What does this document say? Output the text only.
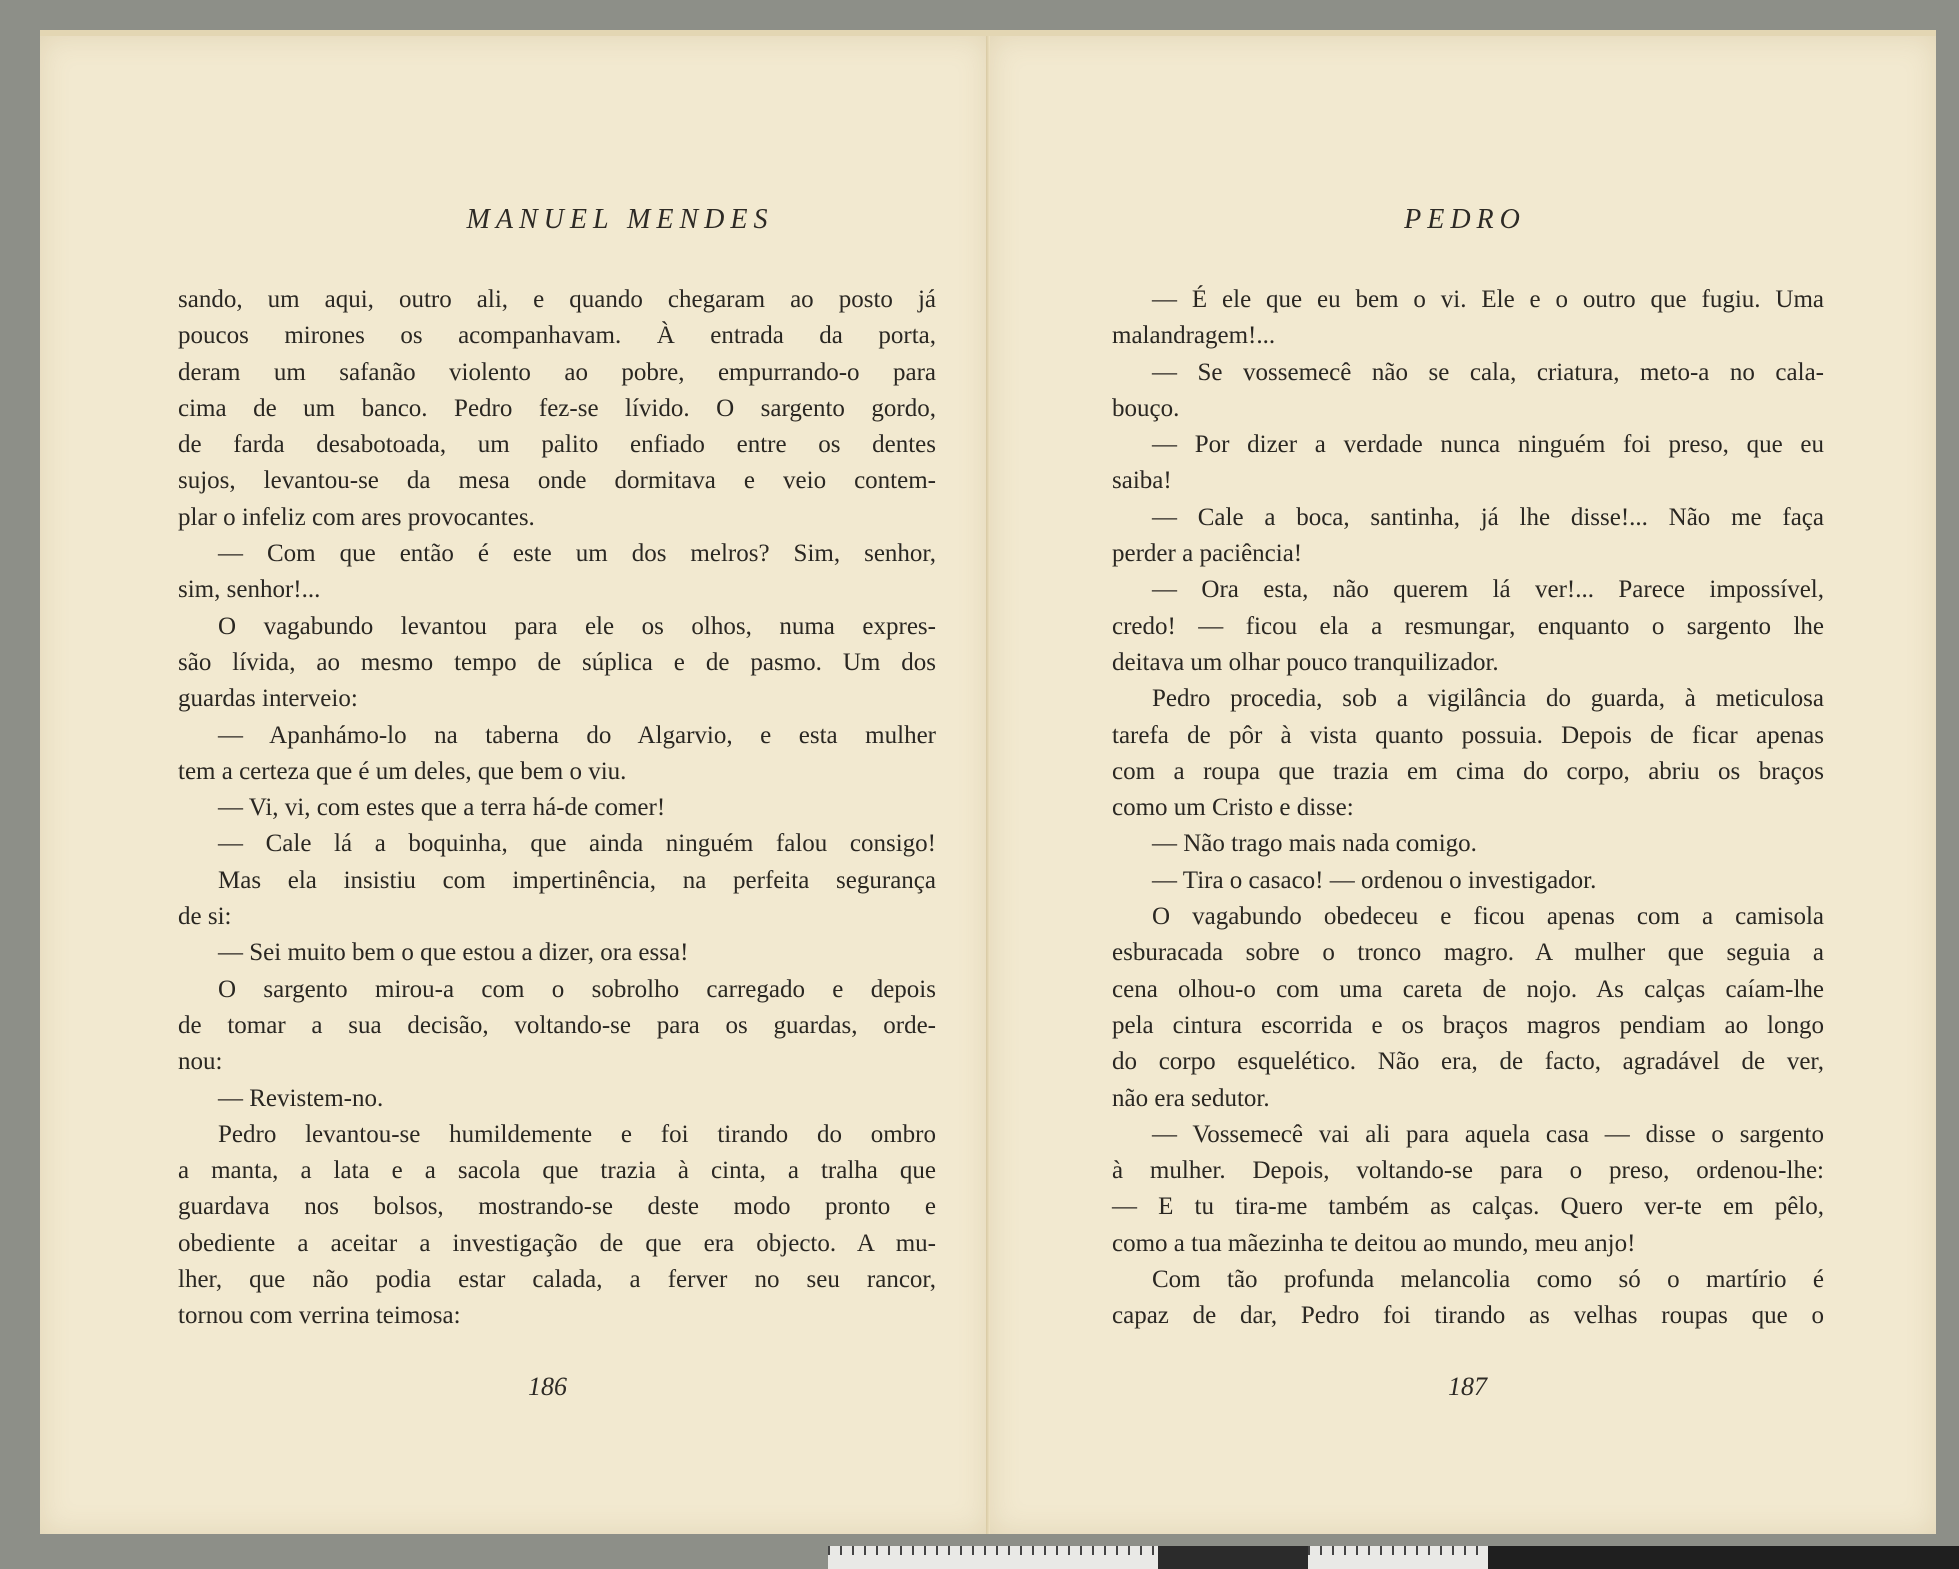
MANUEL MENDES
sando, um aqui, outro ali, e quando chegaram ao posto já
poucos mirones os acompanhavam. À entrada da porta,
deram um safanão violento ao pobre, empurrando-o para
cima de um banco. Pedro fez-se lívido. O sargento gordo,
de farda desabotoada, um palito enfiado entre os dentes
sujos, levantou-se da mesa onde dormitava e veio contem-
plar o infeliz com ares provocantes.
— Com que então é este um dos melros? Sim, senhor,
sim, senhor!...
O vagabundo levantou para ele os olhos, numa expres-
são lívida, ao mesmo tempo de súplica e de pasmo. Um dos
guardas interveio:
— Apanhámo-lo na taberna do Algarvio, e esta mulher
tem a certeza que é um deles, que bem o viu.
— Vi, vi, com estes que a terra há-de comer!
— Cale lá a boquinha, que ainda ninguém falou consigo!
Mas ela insistiu com impertinência, na perfeita segurança
de si:
— Sei muito bem o que estou a dizer, ora essa!
O sargento mirou-a com o sobrolho carregado e depois
de tomar a sua decisão, voltando-se para os guardas, orde-
nou:
— Revistem-no.
Pedro levantou-se humildemente e foi tirando do ombro
a manta, a lata e a sacola que trazia à cinta, a tralha que
guardava nos bolsos, mostrando-se deste modo pronto e
obediente a aceitar a investigação de que era objecto. A mu-
lher, que não podia estar calada, a ferver no seu rancor,
tornou com verrina teimosa:
186
PEDRO
— É ele que eu bem o vi. Ele e o outro que fugiu. Uma
malandragem!...
— Se vossemecê não se cala, criatura, meto-a no cala-
bouço.
— Por dizer a verdade nunca ninguém foi preso, que eu
saiba!
— Cale a boca, santinha, já lhe disse!... Não me faça
perder a paciência!
— Ora esta, não querem lá ver!... Parece impossível,
credo! — ficou ela a resmungar, enquanto o sargento lhe
deitava um olhar pouco tranquilizador.
Pedro procedia, sob a vigilância do guarda, à meticulosa
tarefa de pôr à vista quanto possuia. Depois de ficar apenas
com a roupa que trazia em cima do corpo, abriu os braços
como um Cristo e disse:
— Não trago mais nada comigo.
— Tira o casaco! — ordenou o investigador.
O vagabundo obedeceu e ficou apenas com a camisola
esburacada sobre o tronco magro. A mulher que seguia a
cena olhou-o com uma careta de nojo. As calças caíam-lhe
pela cintura escorrida e os braços magros pendiam ao longo
do corpo esquelético. Não era, de facto, agradável de ver,
não era sedutor.
— Vossemecê vai ali para aquela casa — disse o sargento
à mulher. Depois, voltando-se para o preso, ordenou-lhe:
— E tu tira-me também as calças. Quero ver-te em pêlo,
como a tua mãezinha te deitou ao mundo, meu anjo!
Com tão profunda melancolia como só o martírio é
capaz de dar, Pedro foi tirando as velhas roupas que o
187
